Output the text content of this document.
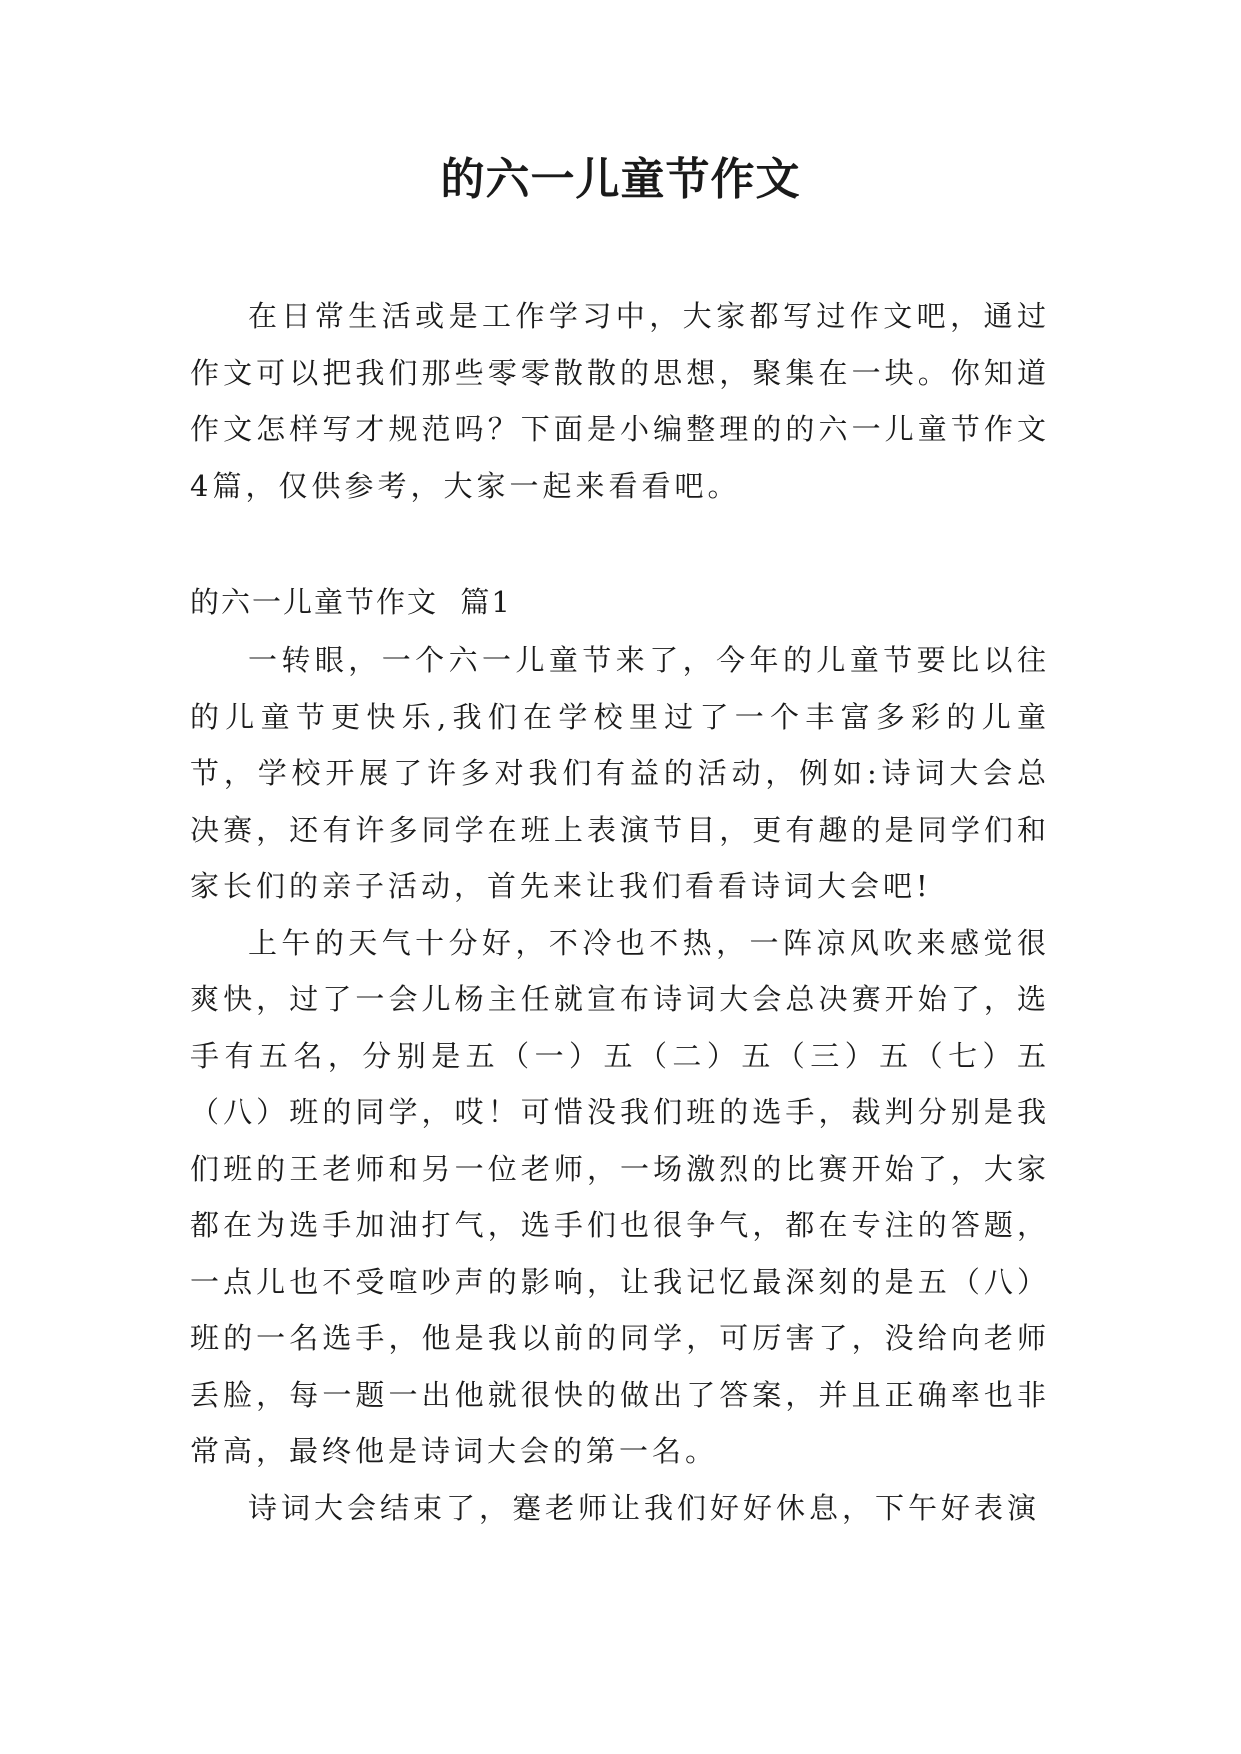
的六一儿童节作文

在日常生活或是工作学习中，大家都写过作文吧，通过作文可以把我们那些零零散散的思想，聚集在一块。你知道作文怎样写才规范吗？下面是小编整理的的六一儿童节作文4篇，仅供参考，大家一起来看看吧。

的六一儿童节作文  篇1

一转眼，一个六一儿童节来了，今年的儿童节要比以往的儿童节更快乐,我们在学校里过了一个丰富多彩的儿童节，学校开展了许多对我们有益的活动，例如:诗词大会总决赛，还有许多同学在班上表演节目，更有趣的是同学们和家长们的亲子活动，首先来让我们看看诗词大会吧!

上午的天气十分好，不冷也不热，一阵凉风吹来感觉很爽快，过了一会儿杨主任就宣布诗词大会总决赛开始了，选手有五名，分别是五（一）五（二）五（三）五（七）五（八）班的同学，哎！可惜没我们班的选手，裁判分别是我们班的王老师和另一位老师，一场激烈的比赛开始了，大家都在为选手加油打气，选手们也很争气，都在专注的答题，一点儿也不受喧吵声的影响，让我记忆最深刻的是五（八）班的一名选手，他是我以前的同学，可厉害了，没给向老师丢脸，每一题一出他就很快的做出了答案，并且正确率也非常高，最终他是诗词大会的第一名。

诗词大会结束了，蹇老师让我们好好休息，下午好表演
